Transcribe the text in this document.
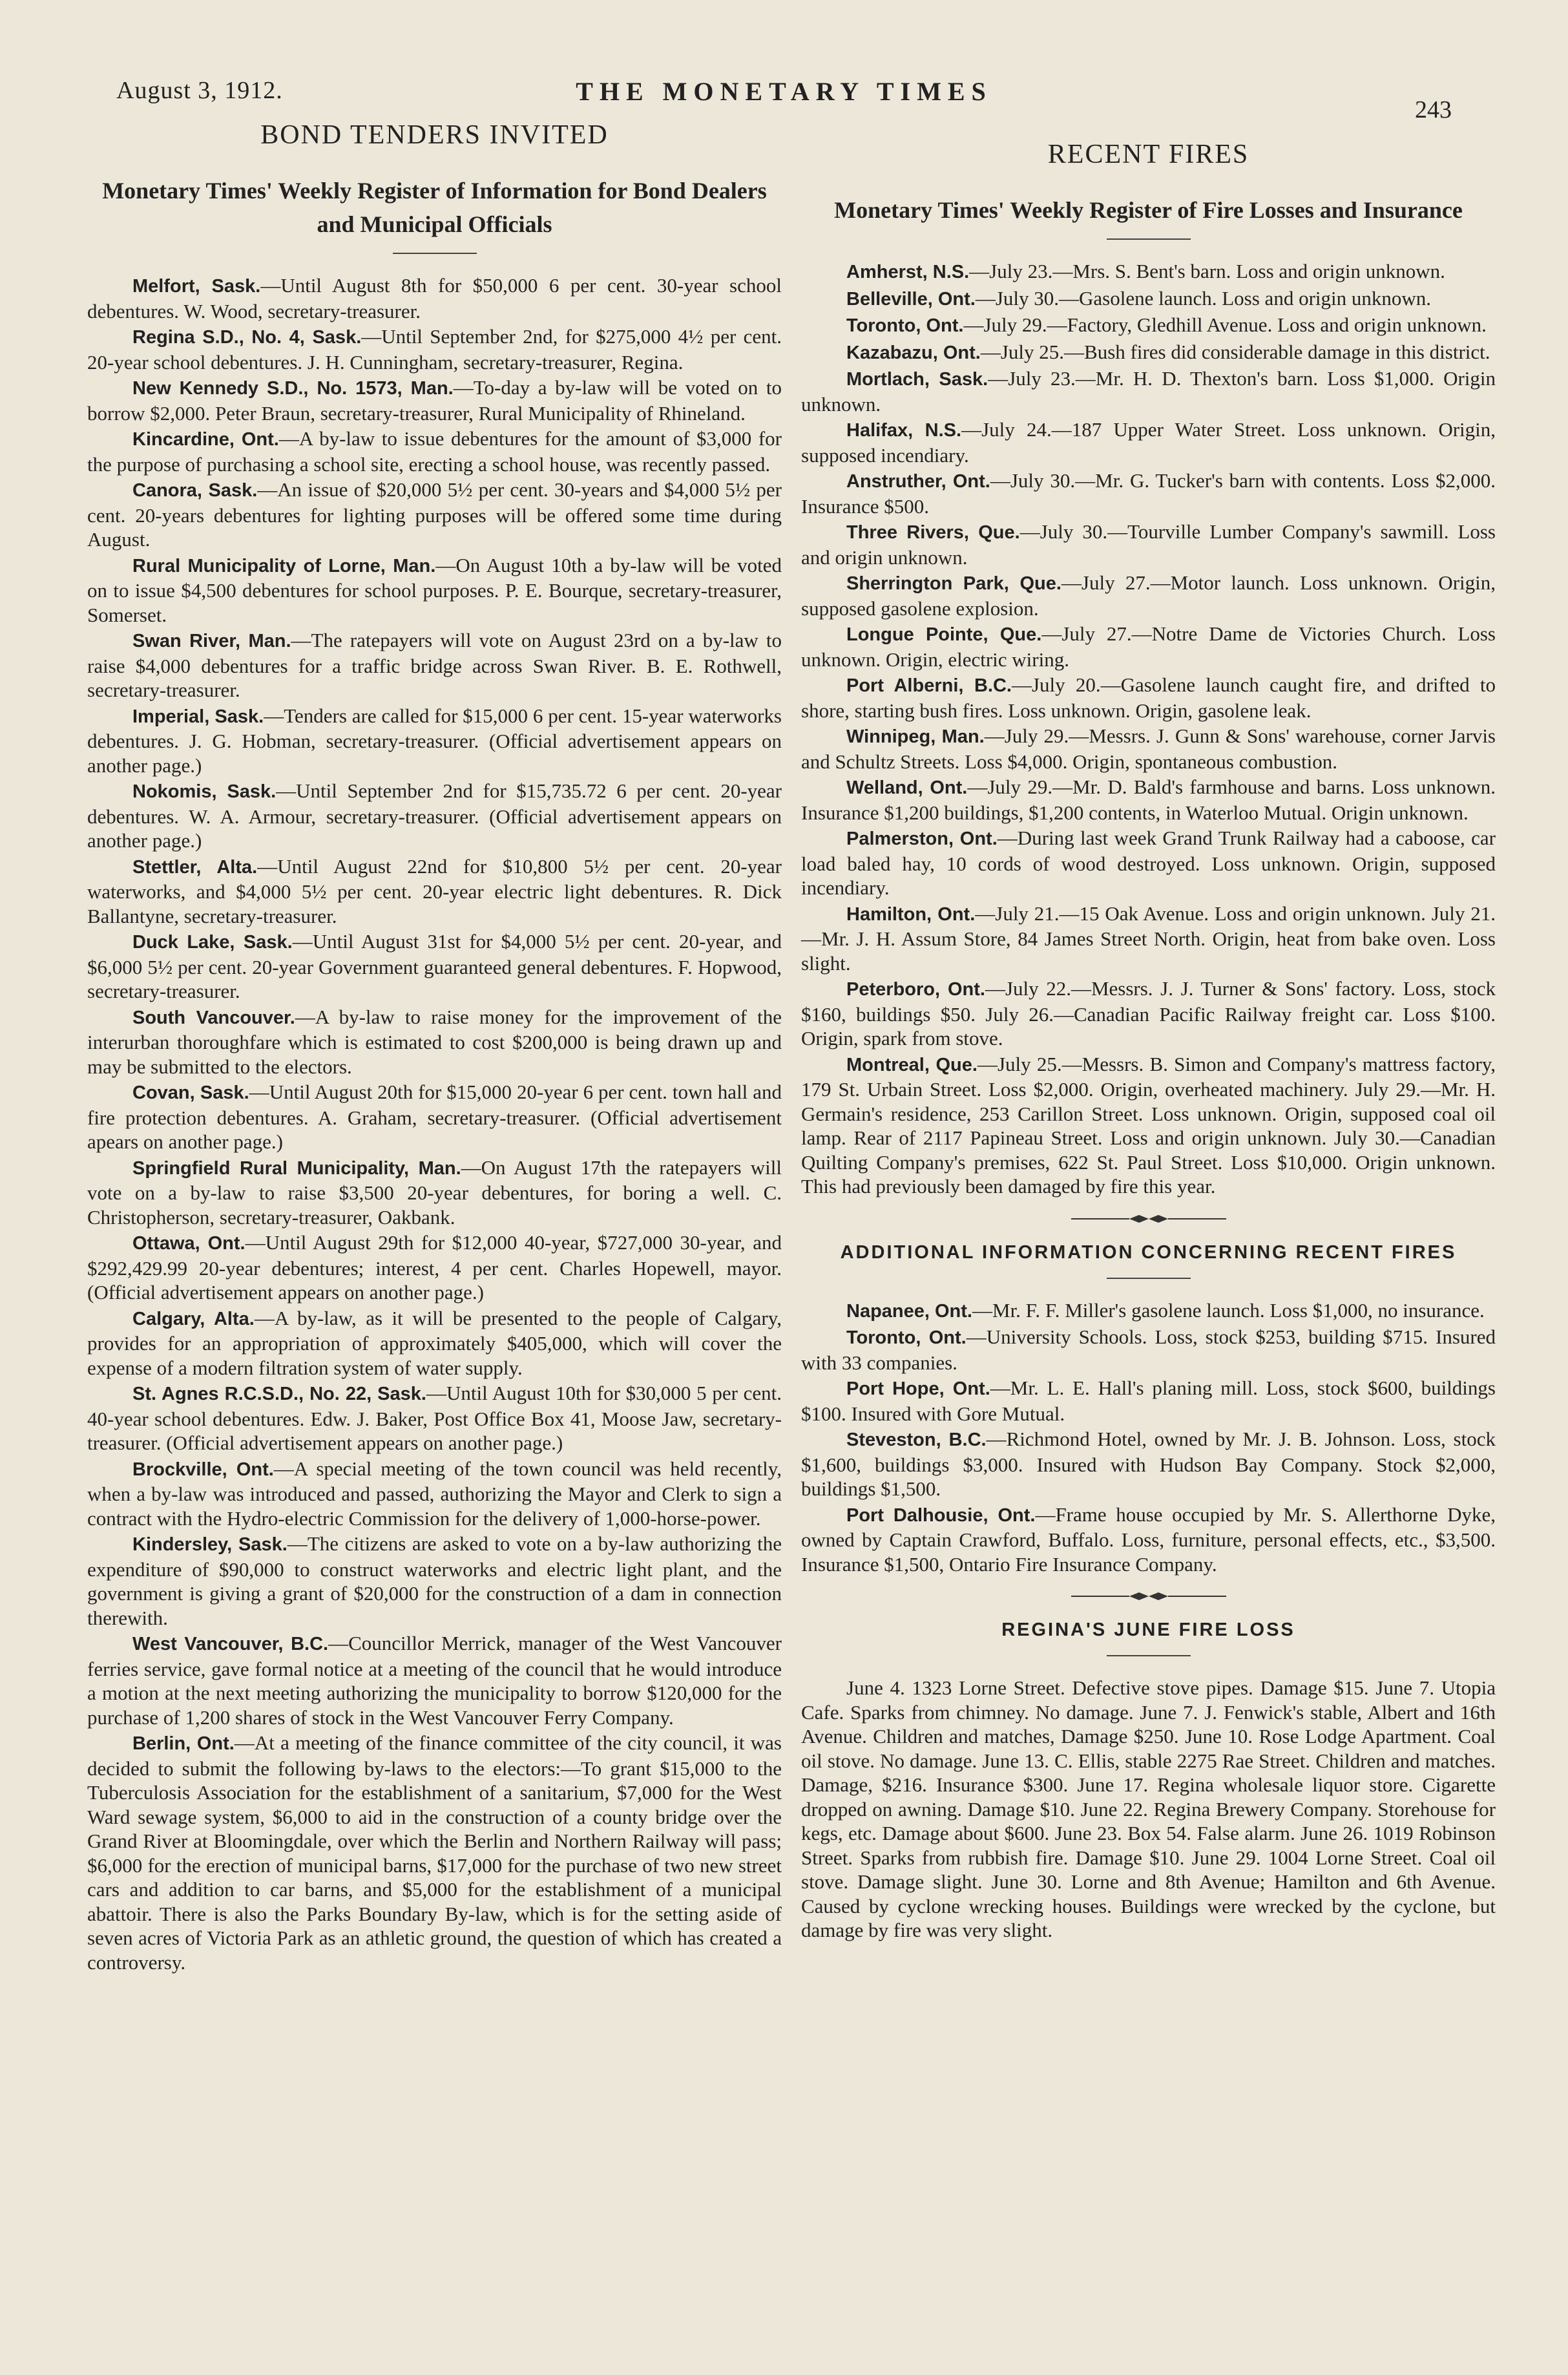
August 3, 1912.	THE MONETARY TIMES
243
BOND TENDERS INVITED
Monetary Times' Weekly Register of Information for Bond Dealers and Municipal Officials

Melfort, Sask.—Until August 8th for $50,000 6 per cent. 30-year school debentures. W. Wood, secretary-treasurer.

Regina S.D., No. 4, Sask.—Until September 2nd, for $275,000 4½ per cent. 20-year school debentures. J. H. Cunningham, secretary-treasurer, Regina.

New Kennedy S.D., No. 1573, Man.—To-day a by-law will be voted on to borrow $2,000. Peter Braun, secretary-treasurer, Rural Municipality of Rhineland.

Kincardine, Ont.—A by-law to issue debentures for the amount of $3,000 for the purpose of purchasing a school site, erecting a school house, was recently passed.

Canora, Sask.—An issue of $20,000 5½ per cent. 30-years and $4,000 5½ per cent. 20-years debentures for lighting purposes will be offered some time during August.

Rural Municipality of Lorne, Man.—On August 10th a by-law will be voted on to issue $4,500 debentures for school purposes. P. E. Bourque, secretary-treasurer, Somerset.

Swan River, Man.—The ratepayers will vote on August 23rd on a by-law to raise $4,000 debentures for a traffic bridge across Swan River. B. E. Rothwell, secretary-treasurer.

Imperial, Sask.—Tenders are called for $15,000 6 per cent. 15-year waterworks debentures. J. G. Hobman, secretary-treasurer. (Official advertisement appears on another page.)

Nokomis, Sask.—Until September 2nd for $15,735.72 6 per cent. 20-year debentures. W. A. Armour, secretary-treasurer. (Official advertisement appears on another page.)

Stettler, Alta.—Until August 22nd for $10,800 5½ per cent. 20-year waterworks, and $4,000 5½ per cent. 20-year electric light debentures. R. Dick Ballantyne, secretary-treasurer.

Duck Lake, Sask.—Until August 31st for $4,000 5½ per cent. 20-year, and $6,000 5½ per cent. 20-year Government guaranteed general debentures. F. Hopwood, secretary-treasurer.

South Vancouver.—A by-law to raise money for the improvement of the interurban thoroughfare which is estimated to cost $200,000 is being drawn up and may be submitted to the electors.

Covan, Sask.—Until August 20th for $15,000 20-year 6 per cent. town hall and fire protection debentures. A. Graham, secretary-treasurer. (Official advertisement apears on another page.)

Springfield Rural Municipality, Man.—On August 17th the ratepayers will vote on a by-law to raise $3,500 20-year debentures, for boring a well. C. Christopherson, secretary-treasurer, Oakbank.

Ottawa, Ont.—Until August 29th for $12,000 40-year, $727,000 30-year, and $292,429.99 20-year debentures; interest, 4 per cent. Charles Hopewell, mayor. (Official advertisement appears on another page.)

Calgary, Alta.—A by-law, as it will be presented to the people of Calgary, provides for an appropriation of approximately $405,000, which will cover the expense of a modern filtration system of water supply.

St. Agnes R.C.S.D., No. 22, Sask.—Until August 10th for $30,000 5 per cent. 40-year school debentures. Edw. J. Baker, Post Office Box 41, Moose Jaw, secretary-treasurer. (Official advertisement appears on another page.)

Brockville, Ont.—A special meeting of the town council was held recently, when a by-law was introduced and passed, authorizing the Mayor and Clerk to sign a contract with the Hydro-electric Commission for the delivery of 1,000-horse-power.

Kindersley, Sask.—The citizens are asked to vote on a by-law authorizing the expenditure of $90,000 to construct waterworks and electric light plant, and the government is giving a grant of $20,000 for the construction of a dam in connection therewith.

West Vancouver, B.C.—Councillor Merrick, manager of the West Vancouver ferries service, gave formal notice at a meeting of the council that he would introduce a motion at the next meeting authorizing the municipality to borrow $120,000 for the purchase of 1,200 shares of stock in the West Vancouver Ferry Company.

Berlin, Ont.—At a meeting of the finance committee of the city council, it was decided to submit the following by-laws to the electors:—To grant $15,000 to the Tuberculosis Association for the establishment of a sanitarium, $7,000 for the West Ward sewage system, $6,000 to aid in the construction of a county bridge over the Grand River at Bloomingdale, over which the Berlin and Northern Railway will pass; $6,000 for the erection of municipal barns, $17,000 for the purchase of two new street cars and addition to car barns, and $5,000 for the establishment of a municipal abattoir. There is also the Parks Boundary By-law, which is for the setting aside of seven acres of Victoria Park as an athletic ground, the question of which has created a controversy.

RECENT FIRES
Monetary Times' Weekly Register of Fire Losses and Insurance

Amherst, N.S.—July 23.—Mrs. S. Bent's barn. Loss and origin unknown.

Belleville, Ont.—July 30.—Gasolene launch. Loss and origin unknown.

Toronto, Ont.—July 29.—Factory, Gledhill Avenue. Loss and origin unknown.

Kazabazu, Ont.—July 25.—Bush fires did considerable damage in this district.

Mortlach, Sask.—July 23.—Mr. H. D. Thexton's barn. Loss $1,000. Origin unknown.

Halifax, N.S.—July 24.—187 Upper Water Street. Loss unknown. Origin, supposed incendiary.

Anstruther, Ont.—July 30.—Mr. G. Tucker's barn with contents. Loss $2,000. Insurance $500.

Three Rivers, Que.—July 30.—Tourville Lumber Company's sawmill. Loss and origin unknown.

Sherrington Park, Que.—July 27.—Motor launch. Loss unknown. Origin, supposed gasolene explosion.

Longue Pointe, Que.—July 27.—Notre Dame de Victories Church. Loss unknown. Origin, electric wiring.

Port Alberni, B.C.—July 20.—Gasolene launch caught fire, and drifted to shore, starting bush fires. Loss unknown. Origin, gasolene leak.

Winnipeg, Man.—July 29.—Messrs. J. Gunn & Sons' warehouse, corner Jarvis and Schultz Streets. Loss $4,000. Origin, spontaneous combustion.

Welland, Ont.—July 29.—Mr. D. Bald's farmhouse and barns. Loss unknown. Insurance $1,200 buildings, $1,200 contents, in Waterloo Mutual. Origin unknown.

Palmerston, Ont.—During last week Grand Trunk Railway had a caboose, car load baled hay, 10 cords of wood destroyed. Loss unknown. Origin, supposed incendiary.

Hamilton, Ont.—July 21.—15 Oak Avenue. Loss and origin unknown. July 21.—Mr. J. H. Assum Store, 84 James Street North. Origin, heat from bake oven. Loss slight.

Peterboro, Ont.—July 22.—Messrs. J. J. Turner & Sons' factory. Loss, stock $160, buildings $50. July 26.—Canadian Pacific Railway freight car. Loss $100. Origin, spark from stove.

Montreal, Que.—July 25.—Messrs. B. Simon and Company's mattress factory, 179 St. Urbain Street. Loss $2,000. Origin, overheated machinery. July 29.—Mr. H. Germain's residence, 253 Carillon Street. Loss unknown. Origin, supposed coal oil lamp. Rear of 2117 Papineau Street. Loss and origin unknown. July 30.—Canadian Quilting Company's premises, 622 St. Paul Street. Loss $10,000. Origin unknown. This had previously been damaged by fire this year.

ADDITIONAL INFORMATION CONCERNING RECENT FIRES

Napanee, Ont.—Mr. F. F. Miller's gasolene launch. Loss $1,000, no insurance.

Toronto, Ont.—University Schools. Loss, stock $253, building $715. Insured with 33 companies.

Port Hope, Ont.—Mr. L. E. Hall's planing mill. Loss, stock $600, buildings $100. Insured with Gore Mutual.

Steveston, B.C.—Richmond Hotel, owned by Mr. J. B. Johnson. Loss, stock $1,600, buildings $3,000. Insured with Hudson Bay Company. Stock $2,000, buildings $1,500.

Port Dalhousie, Ont.—Frame house occupied by Mr. S. Allerthorne Dyke, owned by Captain Crawford, Buffalo. Loss, furniture, personal effects, etc., $3,500. Insurance $1,500, Ontario Fire Insurance Company.

REGINA'S JUNE FIRE LOSS

June 4. 1323 Lorne Street. Defective stove pipes. Damage $15. June 7. Utopia Cafe. Sparks from chimney. No damage. June 7. J. Fenwick's stable, Albert and 16th Avenue. Children and matches, Damage $250. June 10. Rose Lodge Apartment. Coal oil stove. No damage. June 13. C. Ellis, stable 2275 Rae Street. Children and matches. Damage, $216. Insurance $300. June 17. Regina wholesale liquor store. Cigarette dropped on awning. Damage $10. June 22. Regina Brewery Company. Storehouse for kegs, etc. Damage about $600. June 23. Box 54. False alarm. June 26. 1019 Robinson Street. Sparks from rubbish fire. Damage $10. June 29. 1004 Lorne Street. Coal oil stove. Damage slight. June 30. Lorne and 8th Avenue; Hamilton and 6th Avenue. Caused by cyclone wrecking houses. Buildings were wrecked by the cyclone, but damage by fire was very slight.
